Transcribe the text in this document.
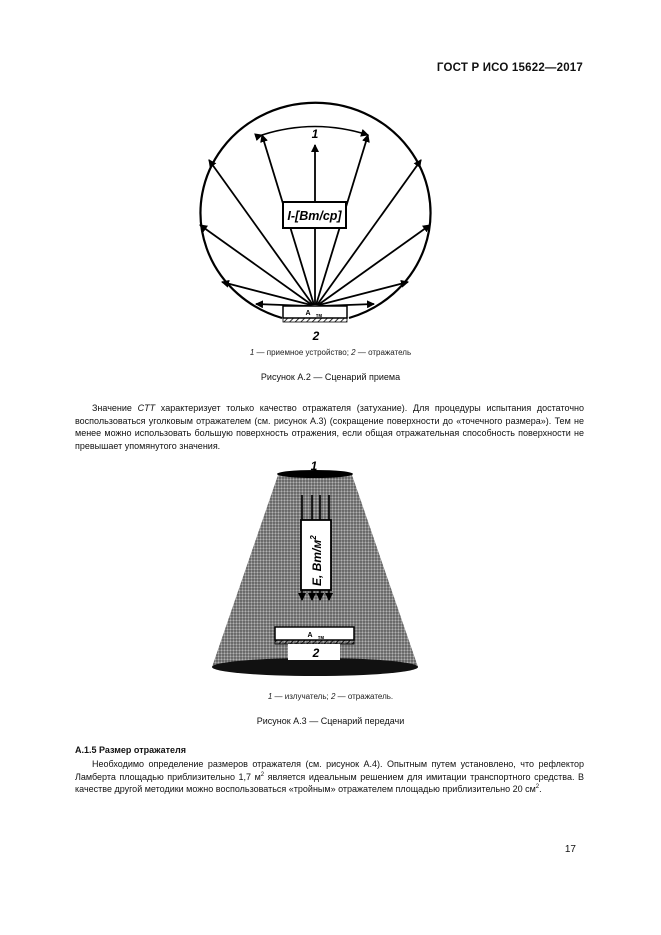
ГОСТ Р ИСО 15622—2017
1
I-[Вт/ср]
A тм
2
1
E, $Вт/м^2$
A тм
2
1 — приемное устройство; 2 — отражатель
Рисунок А.2 — Сценарий приема

Значение CTT характеризует только качество отражателя (затухание). Для процедуры испытания достаточно воспользоваться уголковым отражателем (см. рисунок А.3) (сокращение поверхности до «точечного размера»). Тем не менее можно использовать большую поверхность отражения, если общая отражательная способность поверхности не превышает упомянутого значения.

1 — излучатель; 2 — отражатель.
Рисунок А.3 — Сценарий передачи
А.1.5 Размер отражателя

Необходимо определение размеров отражателя (см. рисунок А.4). Опытным путем установлено, что рефлектор Ламберта площадью приблизительно 1,7 $м^2$ является идеальным решением для имитации транспортного средства. В качестве другой методики можно воспользоваться «тройным» отражателем площадью приблизительно 20 $см^2$.

17
